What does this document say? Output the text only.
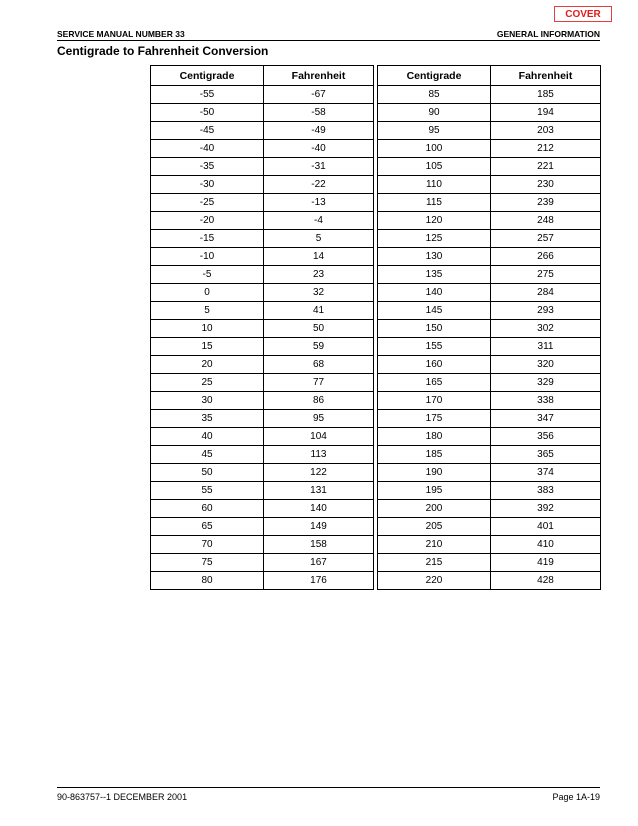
COVER
SERVICE MANUAL NUMBER 33	GENERAL INFORMATION
Centigrade to Fahrenheit Conversion
Centigrade	Fahrenheit
-55	-67
-50	-58
-45	-49
-40	-40
-35	-31
-30	-22
-25	-13
-20	-4
-15	5
-10	14
-5	23
0	32
5	41
10	50
15	59
20	68
25	77
30	86
35	95
40	104
45	113
50	122
55	131
60	140
65	149
70	158
75	167
80	176
Centigrade	Fahrenheit
85	185
90	194
95	203
100	212
105	221
110	230
115	239
120	248
125	257
130	266
135	275
140	284
145	293
150	302
155	311
160	320
165	329
170	338
175	347
180	356
185	365
190	374
195	383
200	392
205	401
210	410
215	419
220	428
90-863757--1 DECEMBER 2001	Page 1A-19
